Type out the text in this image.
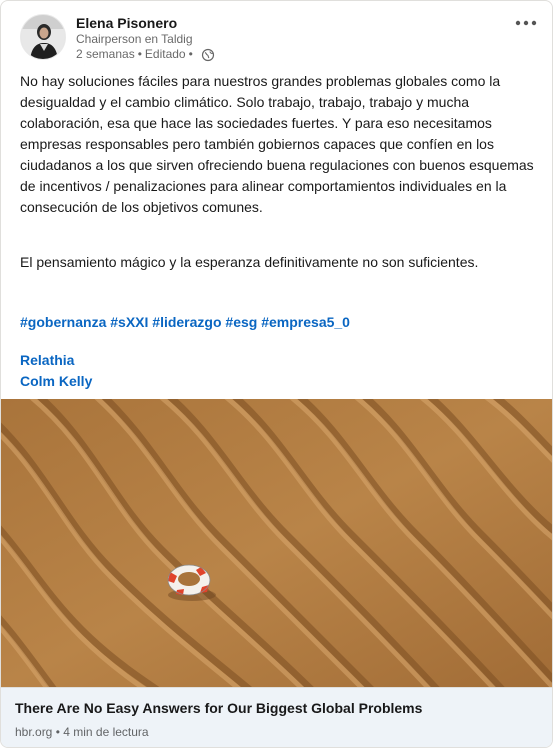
Elena Pisonero
Chairperson en Taldig
2 semanas • Editado •

No hay soluciones fáciles para nuestros grandes problemas globales como la desigualdad y el cambio climático. Solo trabajo, trabajo, trabajo y mucha colaboración, esa que hace las sociedades fuertes. Y para eso necesitamos empresas responsables pero también gobiernos capaces que confíen en los ciudadanos a los que sirven ofreciendo buena regulaciones con buenos esquemas de incentivos / penalizaciones para alinear comportamientos individuales en la consecución de los objetivos comunes.

El pensamiento mágico y la esperanza definitivamente no son suficientes.
#gobernanza #sXXI #liderazgo #esg #empresa5_0
Relathia
Colm Kelly
There Are No Easy Answers for Our Biggest Global Problems
hbr.org • 4 min de lectura
